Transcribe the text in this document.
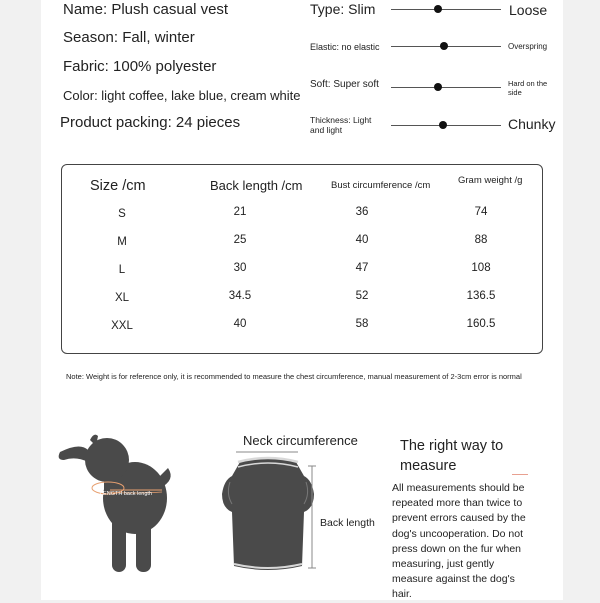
Name: Plush casual vest
Season: Fall, winter
Fabric: 100% polyester
Color: light coffee, lake blue, cream white
Product packing: 24 pieces
Type: Slim	Loose
Elastic: no elastic	Overspring
Soft: Super soft	Hard on the side
Thickness: Light and light	Chunky
Size /cm	Back length /cm	Bust circumference /cm	Gram weight /g
S	21	36	74
M	25	40	88
L	30	47	108
XL	34.5	52	136.5
XXL	40	58	160.5
Note: Weight is for reference only, it is recommended to measure the chest circumference, manual measurement of 2-3cm error is normal
LENGTH back length
NECK 颈围
Neck circumference
Back length
The right way to measure
All measurements should be repeated more than twice to prevent errors caused by the dog's uncooperation. Do not press down on the fur when measuring, just gently measure against the dog's hair.
